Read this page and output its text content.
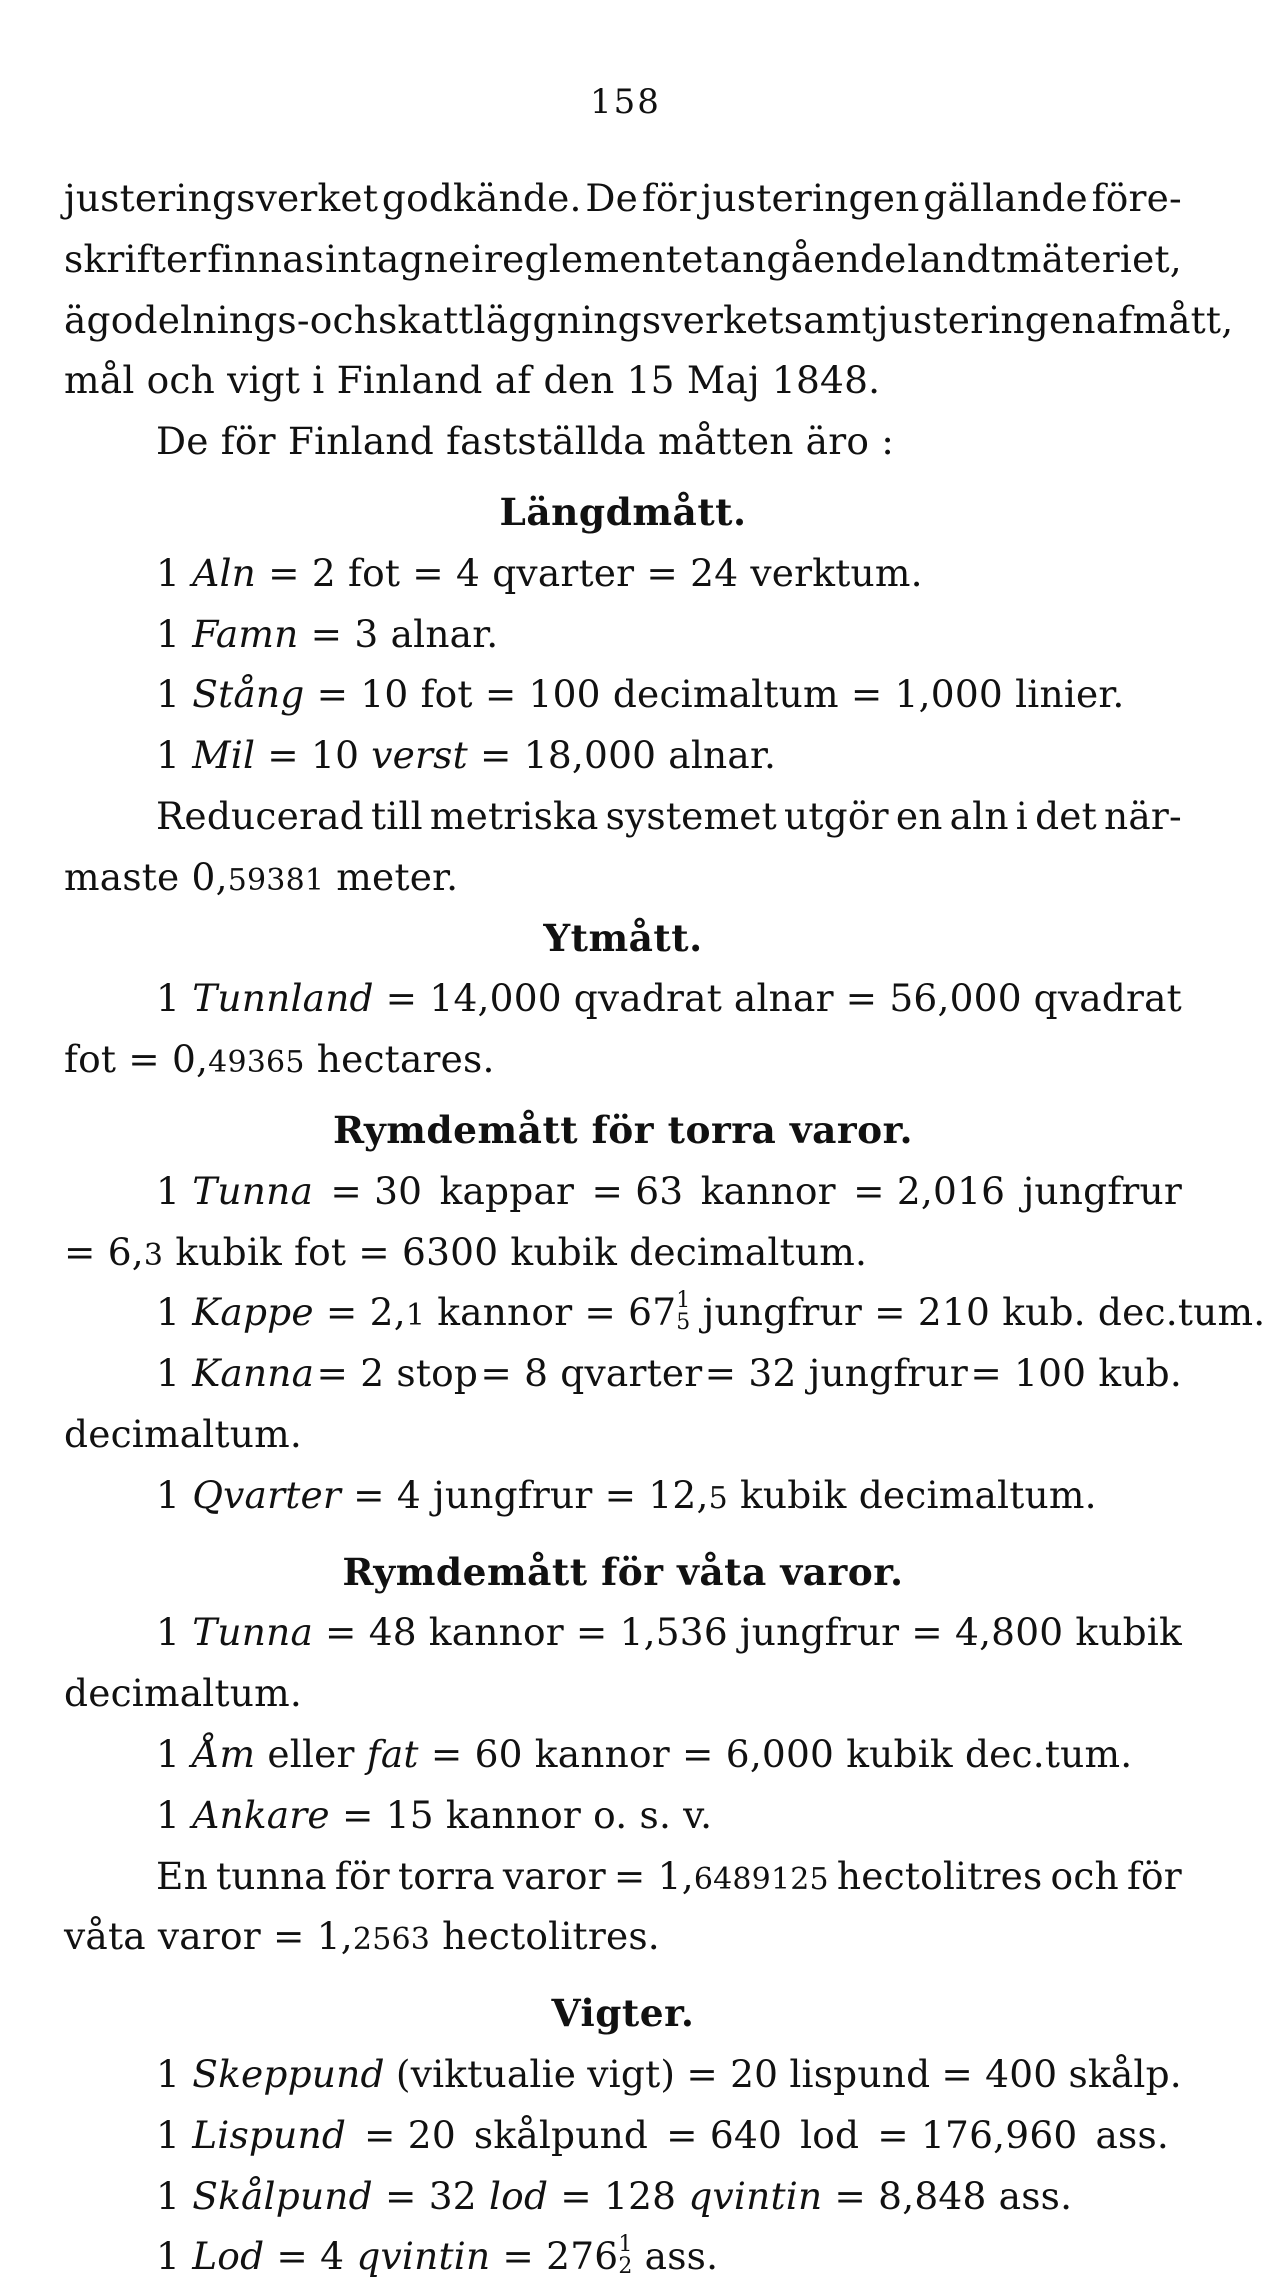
158
justeringsverket godkände. De för justeringen gällande före-
skrifter finnas intagne i reglementet angående landtmäteriet,
ägodelnings- och skattläggningsverket samt justeringen af mått,
mål och vigt i Finland af den 15 Maj 1848.
De för Finland fastställda måtten äro :
Längdmått.
1 Aln = 2 fot = 4 qvarter = 24 verktum.
1 Famn = 3 alnar.
1 Stång = 10 fot = 100 decimaltum = 1,000 linier.
1 Mil = 10 verst = 18,000 alnar.
Reducerad till metriska systemet utgör en aln i det när-
maste 0,59381 meter.
Ytmått.
1 Tunnland = 14,000 qvadrat alnar = 56,000 qvadrat
fot = 0,49365 hectares.
Rymdemått för torra varor.
1 Tunna = 30 kappar = 63 kannor = 2,016 jungfrur
= 6,3 kubik fot = 6300 kubik decimaltum.
1 Kappe = 2,1 kannor = 67 1
5 jungfrur = 210 kub. dec.tum.
1 Kanna = 2 stop = 8 qvarter = 32 jungfrur = 100 kub.
decimaltum.
1 Qvarter = 4 jungfrur = 12,5 kubik decimaltum.
Rymdemått för våta varor.
1 Tunna = 48 kannor = 1,536 jungfrur = 4,800 kubik
decimaltum.
1 Åm eller fat = 60 kannor = 6,000 kubik dec.tum.
1 Ankare = 15 kannor o. s. v.
En tunna för torra varor = 1,6489125 hectolitres och för
våta varor = 1,2563 hectolitres.
Vigter.
1 Skeppund (viktualie vigt) = 20 lispund = 400 skålp.
1 Lispund = 20 skålpund = 640 lod = 176,960 ass.
1 Skålpund = 32 lod = 128 qvintin = 8,848 ass.
1 Lod = 4 qvintin = 276 1
2 ass.
